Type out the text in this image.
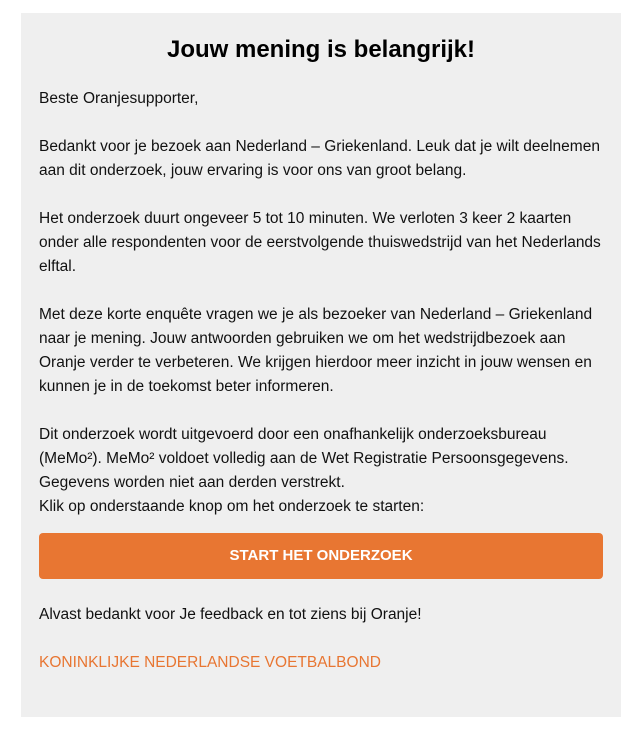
Jouw mening is belangrijk!

Beste Oranjesupporter,

Bedankt voor je bezoek aan Nederland – Griekenland. Leuk dat je wilt deelnemen aan dit onderzoek, jouw ervaring is voor ons van groot belang.

Het onderzoek duurt ongeveer 5 tot 10 minuten. We verloten 3 keer 2 kaarten onder alle respondenten voor de eerstvolgende thuiswedstrijd van het Nederlands elftal.

Met deze korte enquête vragen we je als bezoeker van Nederland – Griekenland naar je mening. Jouw antwoorden gebruiken we om het wedstrijdbezoek aan Oranje verder te verbeteren. We krijgen hierdoor meer inzicht in jouw wensen en kunnen je in de toekomst beter informeren.

Dit onderzoek wordt uitgevoerd door een onafhankelijk onderzoeksbureau (MeMo²). MeMo² voldoet volledig aan de Wet Registratie Persoonsgegevens. Gegevens worden niet aan derden verstrekt.
Klik op onderstaande knop om het onderzoek te starten:
START HET ONDERZOEK

Alvast bedankt voor Je feedback en tot ziens bij Oranje!

KONINKLIJKE NEDERLANDSE VOETBALBOND
